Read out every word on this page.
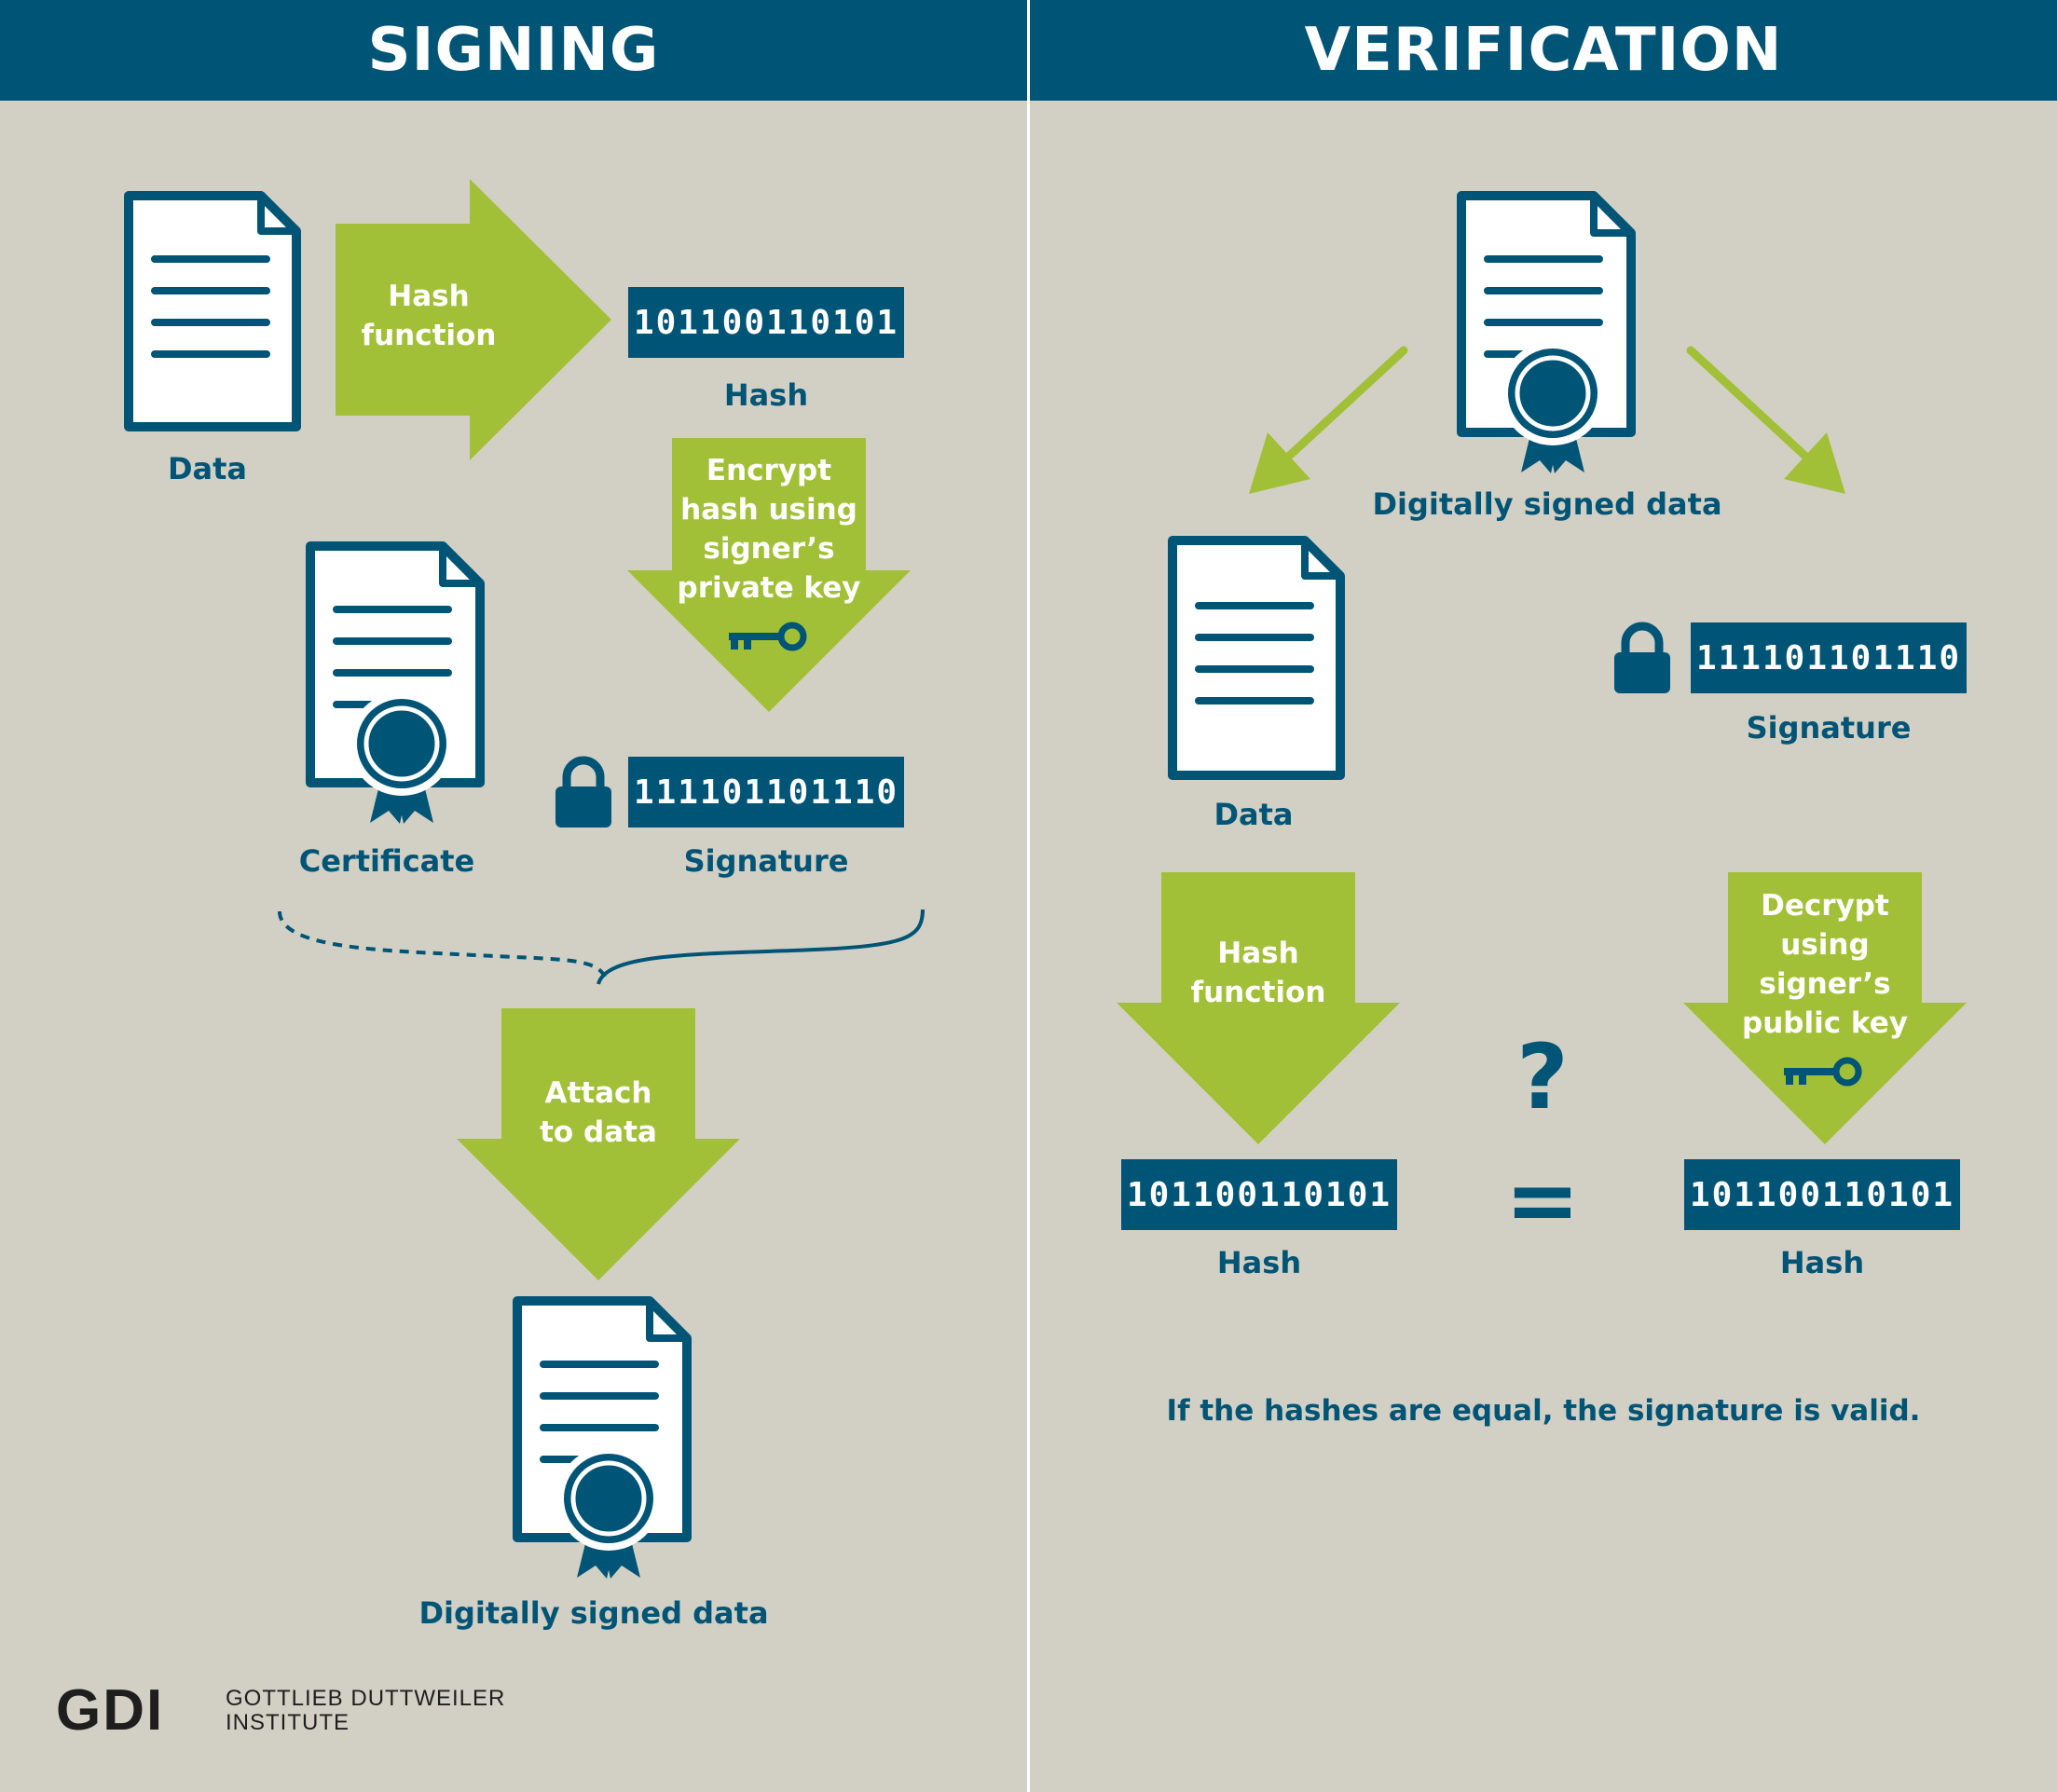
SIGNING	VERIFICATION
Data
Hash
function	101100110101
Hash
Encrypt
hash using
signer’s
private key
Certificate
111101101110
Signature
Attach
to data
Digitally signed data
GDI	GOTTLIEB DUTTWEILER
INSTITUTE
Digitally signed data
Data
111101101110
Signature
Hash
function
Decrypt
using
signer’s
public key
?
=
101100110101
Hash
101100110101
Hash
If the hashes are equal, the signature is valid.
